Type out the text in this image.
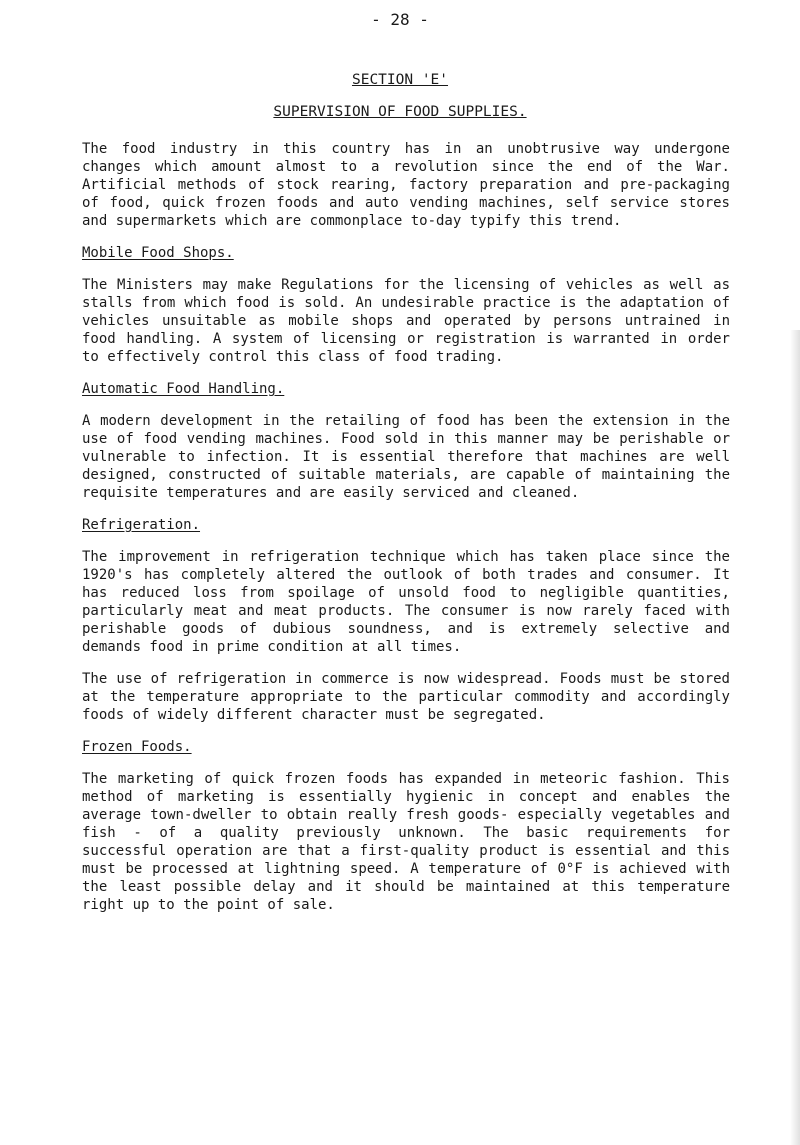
- 28 -
SECTION 'E'
SUPERVISION OF FOOD SUPPLIES.

The food industry in this country has in an unobtrusive way undergone changes which amount almost to a revolution since the end of the War. Artificial methods of stock rearing, factory preparation and pre-packaging of food, quick frozen foods and auto vending machines, self service stores and supermarkets which are commonplace to-day typify this trend.

Mobile Food Shops.

The Ministers may make Regulations for the licensing of vehicles as well as stalls from which food is sold. An undesirable practice is the adaptation of vehicles unsuitable as mobile shops and operated by persons untrained in food handling. A system of licensing or registration is warranted in order to effectively control this class of food trading.

Automatic Food Handling.

A modern development in the retailing of food has been the extension in the use of food vending machines. Food sold in this manner may be perishable or vulnerable to infection. It is essential therefore that machines are well designed, constructed of suitable materials, are capable of maintaining the requisite temperatures and are easily serviced and cleaned.

Refrigeration.

The improvement in refrigeration technique which has taken place since the 1920's has completely altered the outlook of both trades and consumer. It has reduced loss from spoilage of unsold food to negligible quantities, particularly meat and meat products. The consumer is now rarely faced with perishable goods of dubious soundness, and is extremely selective and demands food in prime condition at all times.

The use of refrigeration in commerce is now widespread. Foods must be stored at the temperature appropriate to the particular commodity and accordingly foods of widely different character must be segregated.

Frozen Foods.

The marketing of quick frozen foods has expanded in meteoric fashion. This method of marketing is essentially hygienic in concept and enables the average town-dweller to obtain really fresh goods- especially vegetables and fish - of a quality previously unknown. The basic requirements for successful operation are that a first-quality product is essential and this must be processed at lightning speed. A temperature of 0°F is achieved with the least possible delay and it should be maintained at this temperature right up to the point of sale.
